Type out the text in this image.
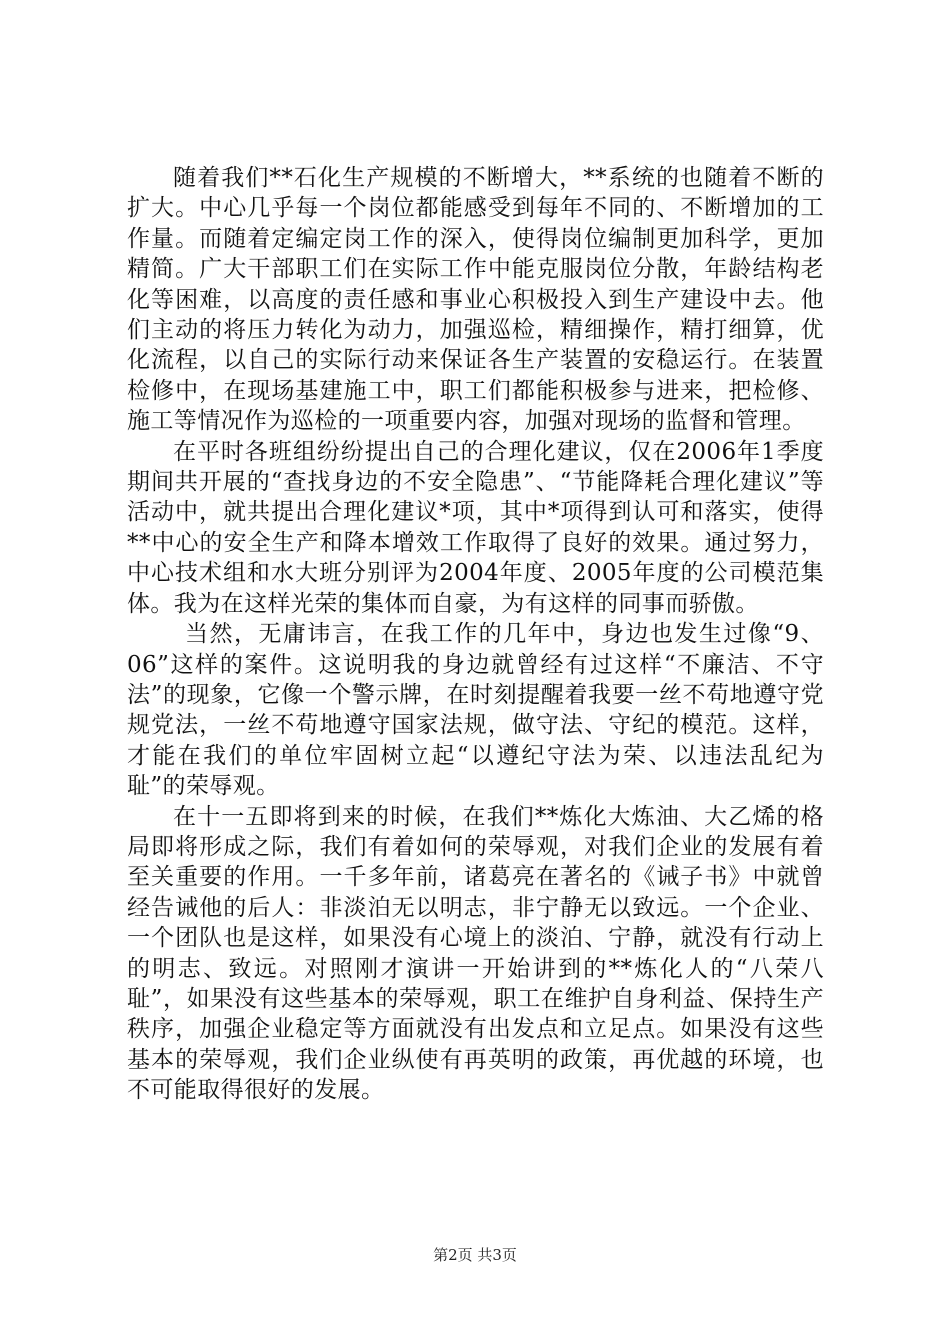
随着我们**石化生产规模的不断增大，**系统的也随着不断的扩大。中心几乎每一个岗位都能感受到每年不同的、不断增加的工作量。而随着定编定岗工作的深入，使得岗位编制更加科学，更加精简。广大干部职工们在实际工作中能克服岗位分散，年龄结构老化等困难，以高度的责任感和事业心积极投入到生产建设中去。他们主动的将压力转化为动力，加强巡检，精细操作，精打细算，优化流程，以自己的实际行动来保证各生产装置的安稳运行。在装置检修中，在现场基建施工中，职工们都能积极参与进来，把检修、施工等情况作为巡检的一项重要内容，加强对现场的监督和管理。

在平时各班组纷纷提出自己的合理化建议，仅在2006年1季度期间共开展的“查找身边的不安全隐患”、“节能降耗合理化建议”等活动中，就共提出合理化建议*项，其中*项得到认可和落实，使得**中心的安全生产和降本增效工作取得了良好的效果。通过努力，中心技术组和水大班分别评为2004年度、2005年度的公司模范集体。我为在这样光荣的集体而自豪，为有这样的同事而骄傲。

当然，无庸讳言，在我工作的几年中，身边也发生过像“9、06”这样的案件。这说明我的身边就曾经有过这样“不廉洁、不守法”的现象，它像一个警示牌，在时刻提醒着我要一丝不苟地遵守党规党法，一丝不苟地遵守国家法规，做守法、守纪的模范。这样，才能在我们的单位牢固树立起“以遵纪守法为荣、以违法乱纪为耻”的荣辱观。

在十一五即将到来的时候，在我们**炼化大炼油、大乙烯的格局即将形成之际，我们有着如何的荣辱观，对我们企业的发展有着至关重要的作用。一千多年前，诸葛亮在著名的《诫子书》中就曾经告诫他的后人：非淡泊无以明志，非宁静无以致远。一个企业、一个团队也是这样，如果没有心境上的淡泊、宁静，就没有行动上的明志、致远。对照刚才演讲一开始讲到的**炼化人的“八荣八耻”，如果没有这些基本的荣辱观，职工在维护自身利益、保持生产秩序，加强企业稳定等方面就没有出发点和立足点。如果没有这些基本的荣辱观，我们企业纵使有再英明的政策，再优越的环境，也不可能取得很好的发展。

第2页 共3页
